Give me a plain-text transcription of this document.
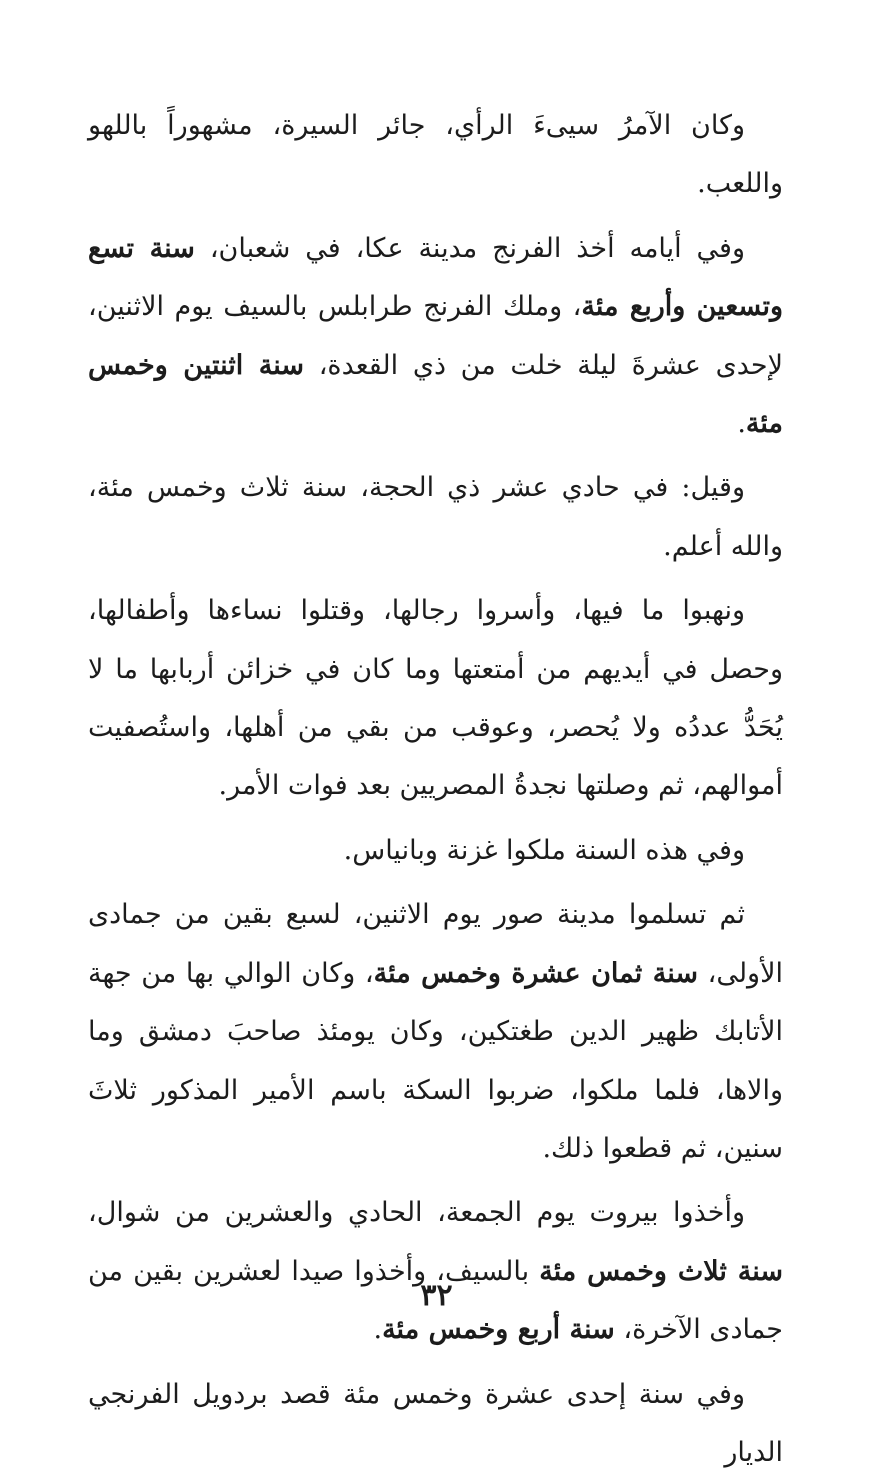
وكان الآمرُ سيىءَ الرأي، جائر السيرة، مشهوراً باللهو واللعب.

وفي أيامه أخذ الفرنج مدينة عكا، في شعبان، سنة تسع وتسعين وأربع مئة، وملك الفرنج طرابلس بالسيف يوم الاثنين، لإحدى عشرةَ ليلة خلت من ذي القعدة، سنة اثنتين وخمس مئة.

وقيل: في حادي عشر ذي الحجة، سنة ثلاث وخمس مئة، والله أعلم.

ونهبوا ما فيها، وأسروا رجالها، وقتلوا نساءها وأطفالها، وحصل في أيديهم من أمتعتها وما كان في خزائن أربابها ما لا يُحَدُّ عددُه ولا يُحصر، وعوقب من بقي من أهلها، واستُصفيت أموالهم، ثم وصلتها نجدةُ المصريين بعد فوات الأمر.

وفي هذه السنة ملكوا غزنة وبانياس.

ثم تسلموا مدينة صور يوم الاثنين، لسبع بقين من جمادى الأولى، سنة ثمان عشرة وخمس مئة، وكان الوالي بها من جهة الأتابك ظهير الدين طغتكين، وكان يومئذ صاحبَ دمشق وما والاها، فلما ملكوا، ضربوا السكة باسم الأمير المذكور ثلاثَ سنين، ثم قطعوا ذلك.

وأخذوا بيروت يوم الجمعة، الحادي والعشرين من شوال، سنة ثلاث وخمس مئة بالسيف، وأخذوا صيدا لعشرين بقين من جمادى الآخرة، سنة أربع وخمس مئة.

وفي سنة إحدى عشرة وخمس مئة قصد بردويل الفرنجي الديار

٣٢
